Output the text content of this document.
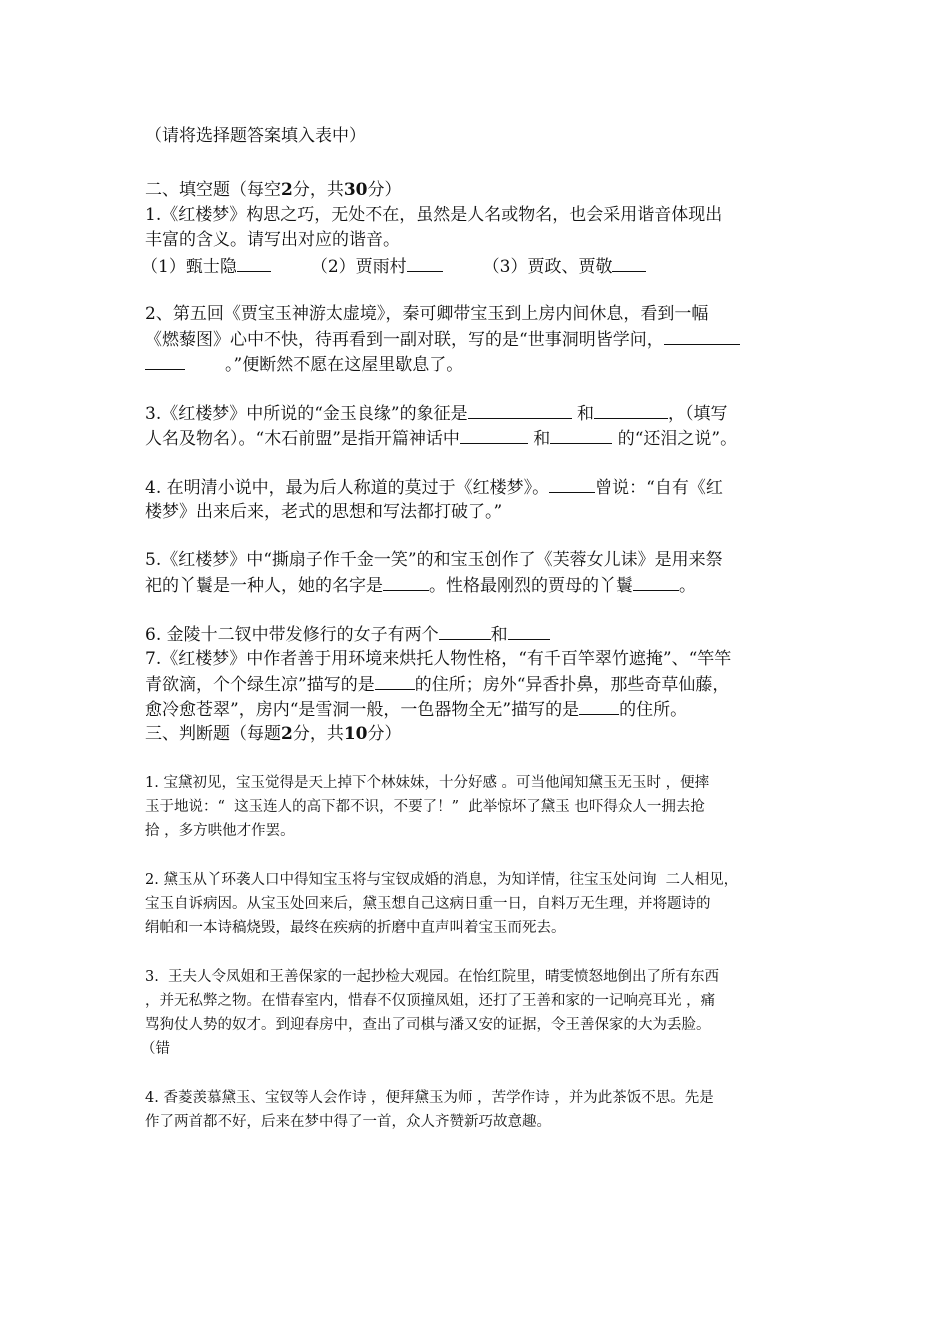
（请将选择题答案填入表中）
二、填空题（每空2分，共30分）
1.《红楼梦》构思之巧，无处不在，虽然是人名或物名，也会采用谐音体现出
丰富的含义。请写出对应的谐音。
（1）甄士隐	（2）贾雨村	（3）贾政、贾敬
2、第五回《贾宝玉神游太虚境》，秦可卿带宝玉到上房内间休息，看到一幅
《燃藜图》心中不快，待再看到一副对联，写的是“世事洞明皆学问，
。”便断然不愿在这屋里歇息了。
3.《红楼梦》中所说的“金玉良缘”的象征是	和	，（填写
人名及物名）。“木石前盟”是指开篇神话中	和	的“还泪之说”。
4. 在明清小说中，最为后人称道的莫过于《红楼梦》。	曾说：“自有《红
楼梦》出来后来，老式的思想和写法都打破了。”
5.《红楼梦》中“撕扇子作千金一笑”的和宝玉创作了《芙蓉女儿诔》是用来祭
祀的丫鬟是一种人，她的名字是	。性格最刚烈的贾母的丫鬟	。
6. 金陵十二钗中带发修行的女子有两个	和
7.《红楼梦》中作者善于用环境来烘托人物性格，“有千百竿翠竹遮掩”、“竿竿
青欲滴，个个绿生凉”描写的是 的住所；房外“异香扑鼻，那些奇草仙藤，
愈冷愈苍翠”，房内“是雪洞一般，一色器物全无”描写的是 的住所。
三、判断题（每题2分，共10分）
1. 宝黛初见，宝玉觉得是天上掉下个林妹妹，十分好感 。可当他闻知黛玉无玉时 ，便摔
玉于地说：“  这玉连人的高下都不识，不要了！”  此举惊坏了黛玉 也吓得众人一拥去抢
拾 ，多方哄他才作罢。
2. 黛玉从丫环袭人口中得知宝玉将与宝钗成婚的消息，为知详情，往宝玉处问询  二人相见，
宝玉自诉病因。从宝玉处回来后，黛玉想自己这病日重一日，自料万无生理，并将题诗的
绢帕和一本诗稿烧毁，最终在疾病的折磨中直声叫着宝玉而死去。
3.  王夫人令凤姐和王善保家的一起抄检大观园。在怡红院里，晴雯愤怒地倒出了所有东西
，并无私弊之物。在惜春室内，惜春不仅顶撞凤姐，还打了王善和家的一记响亮耳光 ，痛
骂狗仗人势的奴才。到迎春房中，查出了司棋与潘又安的证据，令王善保家的大为丢脸。
（错
4. 香菱羡慕黛玉、宝钗等人会作诗 ，便拜黛玉为师 ，苦学作诗 ，并为此茶饭不思。先是
作了两首都不好，后来在梦中得了一首，众人齐赞新巧故意趣。
